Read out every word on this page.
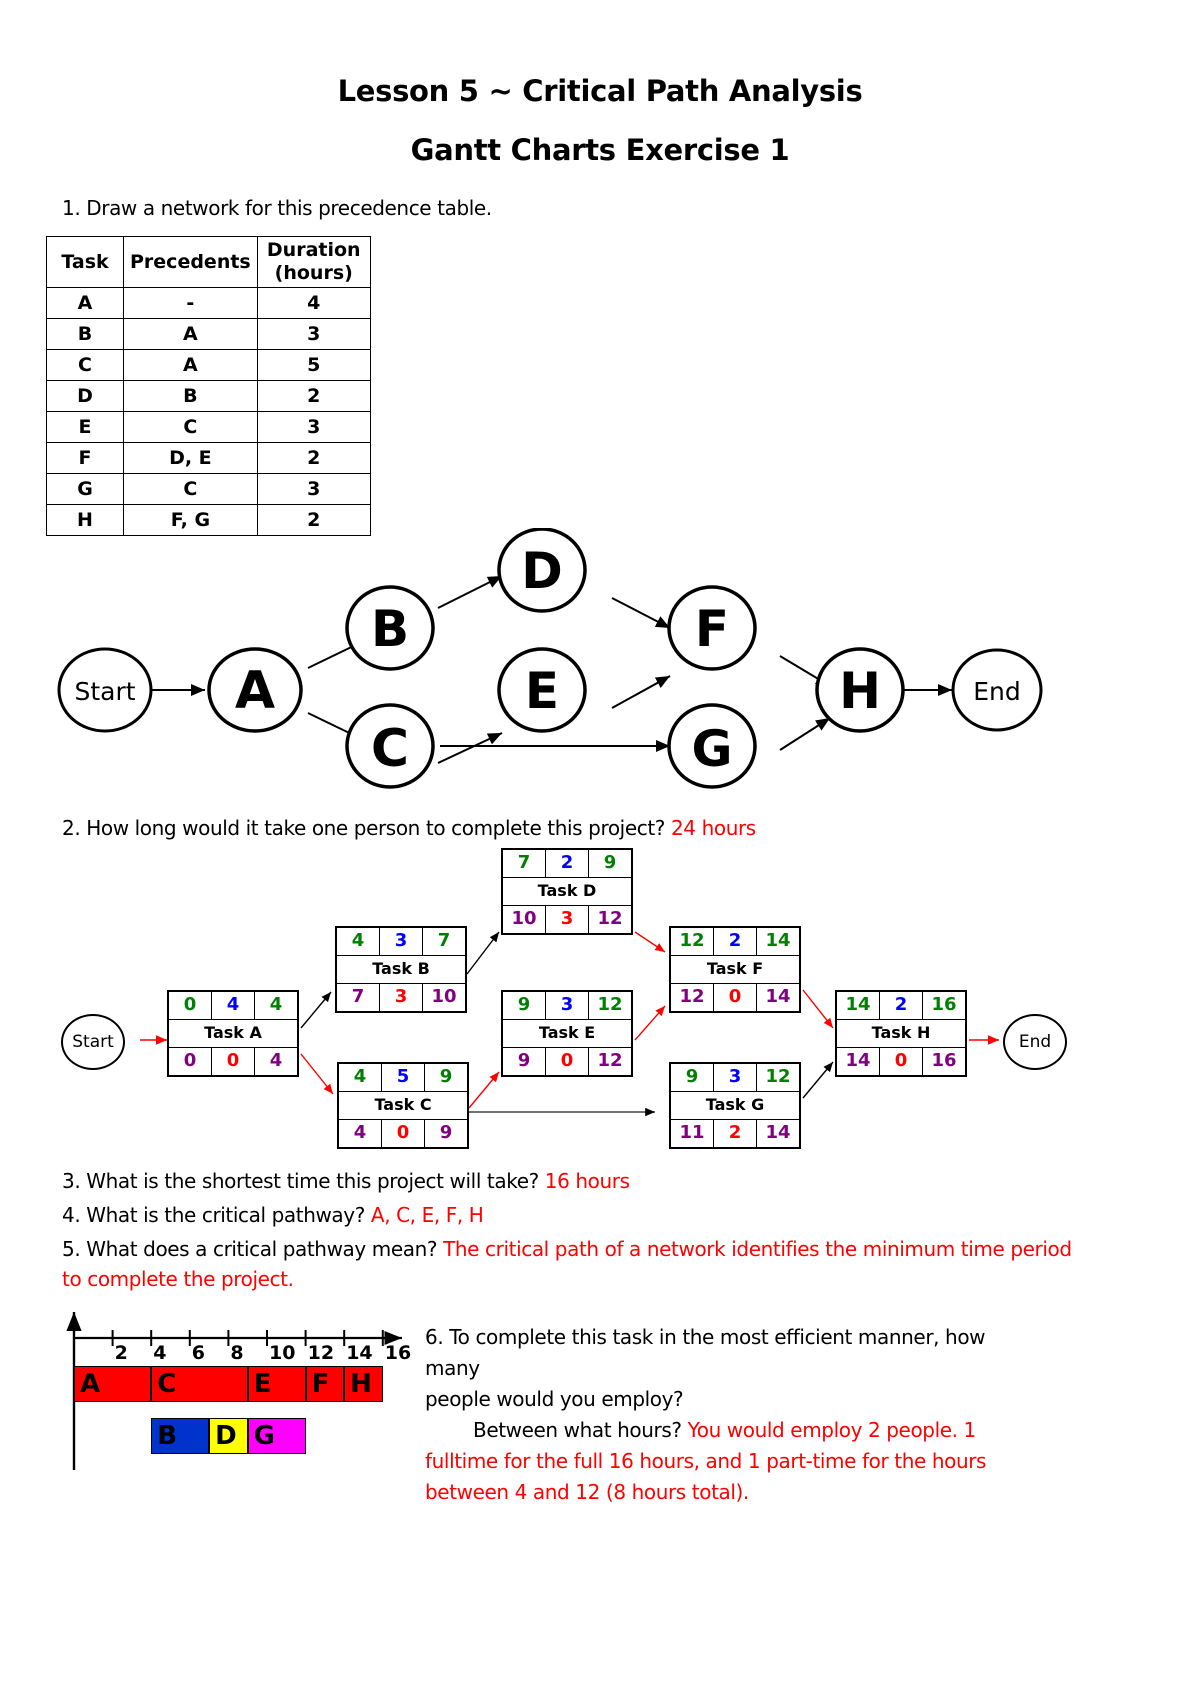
Lesson 5 ~ Critical Path Analysis
Gantt Charts Exercise 1
1. Draw a network for this precedence table.
Task	Precedents	Duration
(hours)
A	-	4
B	A	3
C	A	5
D	B	2
E	C	3
F	D, E	2
G	C	3
H	F, G	2
Start A
B
C
D
E
F
G
H	End
2. How long would it take one person to complete this project? 24 hours
Start	End
0	4	4
Task A
0	0	4
4	3	7
Task B
7	3	10
4	5	9
Task C
4	0	9
7	2	9
Task D
10	3	12
9	3	12
Task E
9	0	12
12	2	14
Task F
12	0	14
9	3	12
Task G
11	2	14
14	2	16
Task H
14	0	16
3. What is the shortest time this project will take? 16 hours
4. What is the critical pathway? A, C, E, F, H
5. What does a critical pathway mean? The critical path of a network identifies the minimum time period
to complete the project.
2 4 6 8 10 12 14 16
A	C	E	F H
B	D G
6. To complete this task in the most efficient manner, how many
people would you employ?
Between what hours? You would employ 2 people. 1
fulltime for the full 16 hours, and 1 part-time for the hours
between 4 and 12 (8 hours total).
